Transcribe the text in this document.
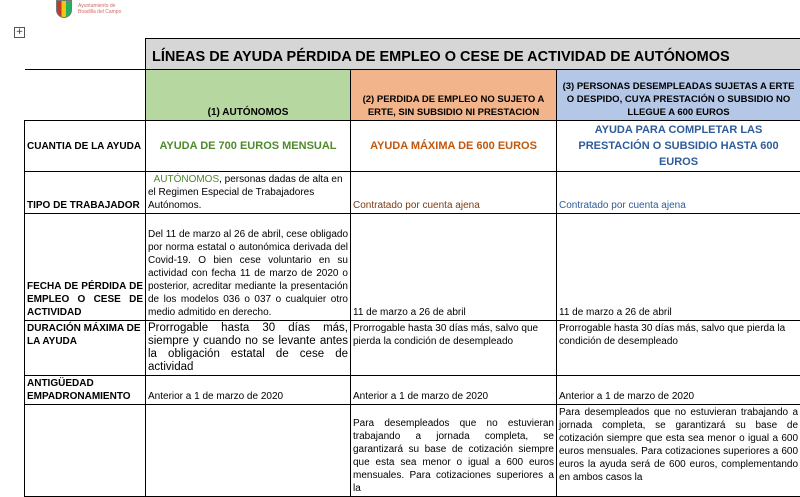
Ayuntamiento de
Boadilla del Campo
+
	LÍNEAS DE AYUDA PÉRDIDA DE EMPLEO O CESE DE ACTIVIDAD DE AUTÓNOMOS		
	(1) AUTÓNOMOS	(2) PERDIDA DE EMPLEO NO SUJETO A ERTE, SIN SUBSIDIO NI PRESTACION	(3) PERSONAS DESEMPLEADAS SUJETAS A ERTE O DESPIDO, CUYA PRESTACIÓN O SUBSIDIO NO LLEGUE A 600 EUROS
CUANTIA DE LA AYUDA	AYUDA DE 700 EUROS MENSUAL	AYUDA MÁXIMA DE 600 EUROS	AYUDA PARA COMPLETAR LAS PRESTACIÓN O SUBSIDIO HASTA 600 EUROS
TIPO DE TRABAJADOR	AUTÓNOMOS, personas dadas de alta en el Regimen Especial de Trabajadores Autónomos.	Contratado por cuenta ajena	Contratado por cuenta ajena
FECHA DE PÉRDIDA DE EMPLEO O CESE DE ACTIVIDAD	Del 11 de marzo al 26 de abril, cese obligado por norma estatal o autonómica derivada del Covid-19. O bien cese voluntario en su actividad con fecha 11 de marzo de 2020 o posterior, acreditar mediante la presentación de los modelos 036 o 037 o cualquier otro medio admitido en derecho.	11 de marzo a 26 de abril	11 de marzo a 26 de abril
DURACIÓN MÁXIMA DE LA AYUDA	Prorrogable hasta 30 días más, siempre y cuando no se levante antes la obligación estatal de cese de actividad	Prorrogable hasta 30 días más, salvo que pierda la condición de desempleado	Prorrogable hasta 30 días más, salvo que pierda la condición de desempleado
ANTIGÜEDAD EMPADRONAMIENTO	Anterior a 1 de marzo de 2020	Anterior a 1 de marzo de 2020	Anterior a 1 de marzo de 2020
		Para desempleados que no estuvieran trabajando a jornada completa, se garantizará su base de cotización siempre que esta sea menor o igual a 600 euros mensuales. Para cotizaciones superiores a la	Para desempleados que no estuvieran trabajando a jornada completa, se garantizará su base de cotización siempre que esta sea menor o igual a 600 euros mensuales. Para cotizaciones superiores a 600 euros la ayuda será de 600 euros, complementando en ambos casos la
